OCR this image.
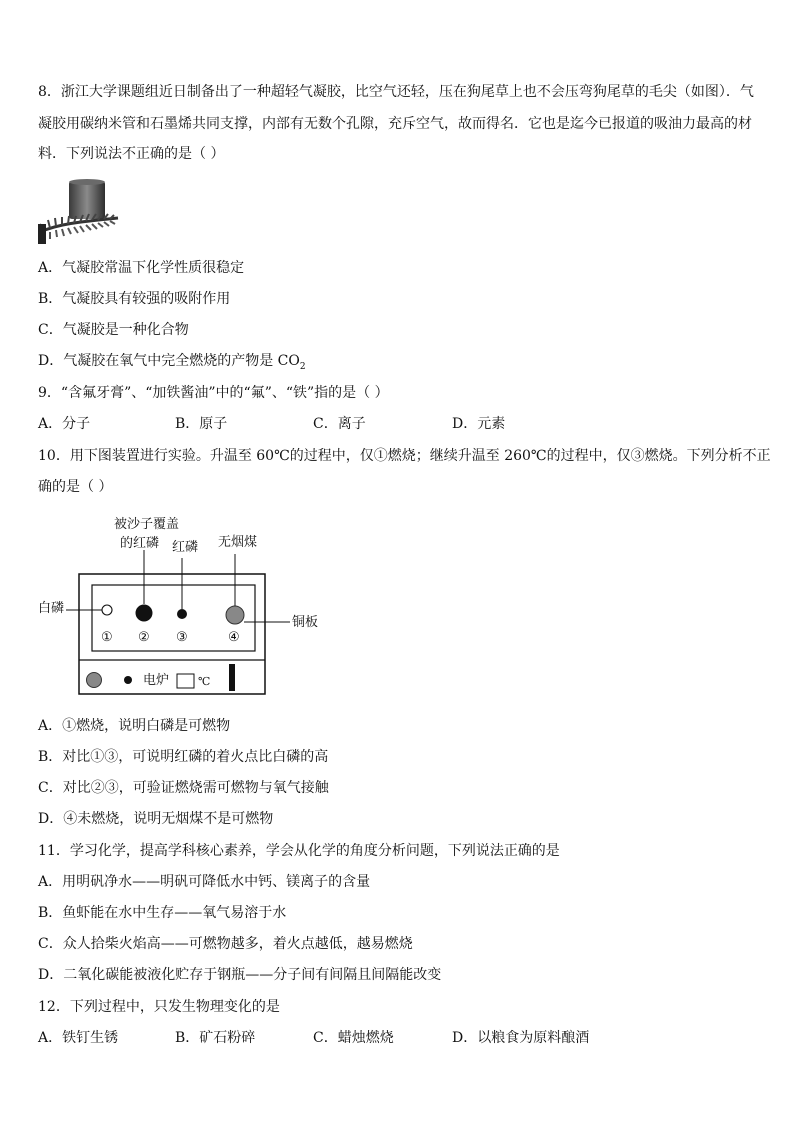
8．浙江大学课题组近日制备出了一种超轻气凝胶，比空气还轻，压在狗尾草上也不会压弯狗尾草的毛尖（如图）．气
凝胶用碳纳米管和石墨烯共同支撑，内部有无数个孔隙，充斥空气，故而得名．它也是迄今已报道的吸油力最高的材
料．下列说法不正确的是（ ）
A．气凝胶常温下化学性质很稳定
B．气凝胶具有较强的吸附作用
C．气凝胶是一种化合物
D．气凝胶在氧气中完全燃烧的产物是 $CO_2$
9．“含氟牙膏”、“加铁酱油”中的“氟”、“铁”指的是（ ）
A．分子	B．原子	C．离子	D．元素
10．用下图装置进行实验。升温至 60℃的过程中，仅①燃烧；继续升温至 260℃的过程中，仅③燃烧。下列分析不正
确的是（ ）
被沙子覆盖
的红磷 红磷 无烟煤
白磷
铜板
① ② ③	④
电炉	℃
A．①燃烧，说明白磷是可燃物
B．对比①③，可说明红磷的着火点比白磷的高
C．对比②③，可验证燃烧需可燃物与氧气接触
D．④未燃烧，说明无烟煤不是可燃物
11．学习化学，提高学科核心素养，学会从化学的角度分析问题，下列说法正确的是
A．用明矾净水——明矾可降低水中钙、镁离子的含量
B．鱼虾能在水中生存——氧气易溶于水
C．众人拾柴火焰高——可燃物越多，着火点越低，越易燃烧
D．二氧化碳能被液化贮存于钢瓶——分子间有间隔且间隔能改变
12．下列过程中，只发生物理变化的是
A．铁钉生锈	B．矿石粉碎	C．蜡烛燃烧	D．以粮食为原料酿酒
